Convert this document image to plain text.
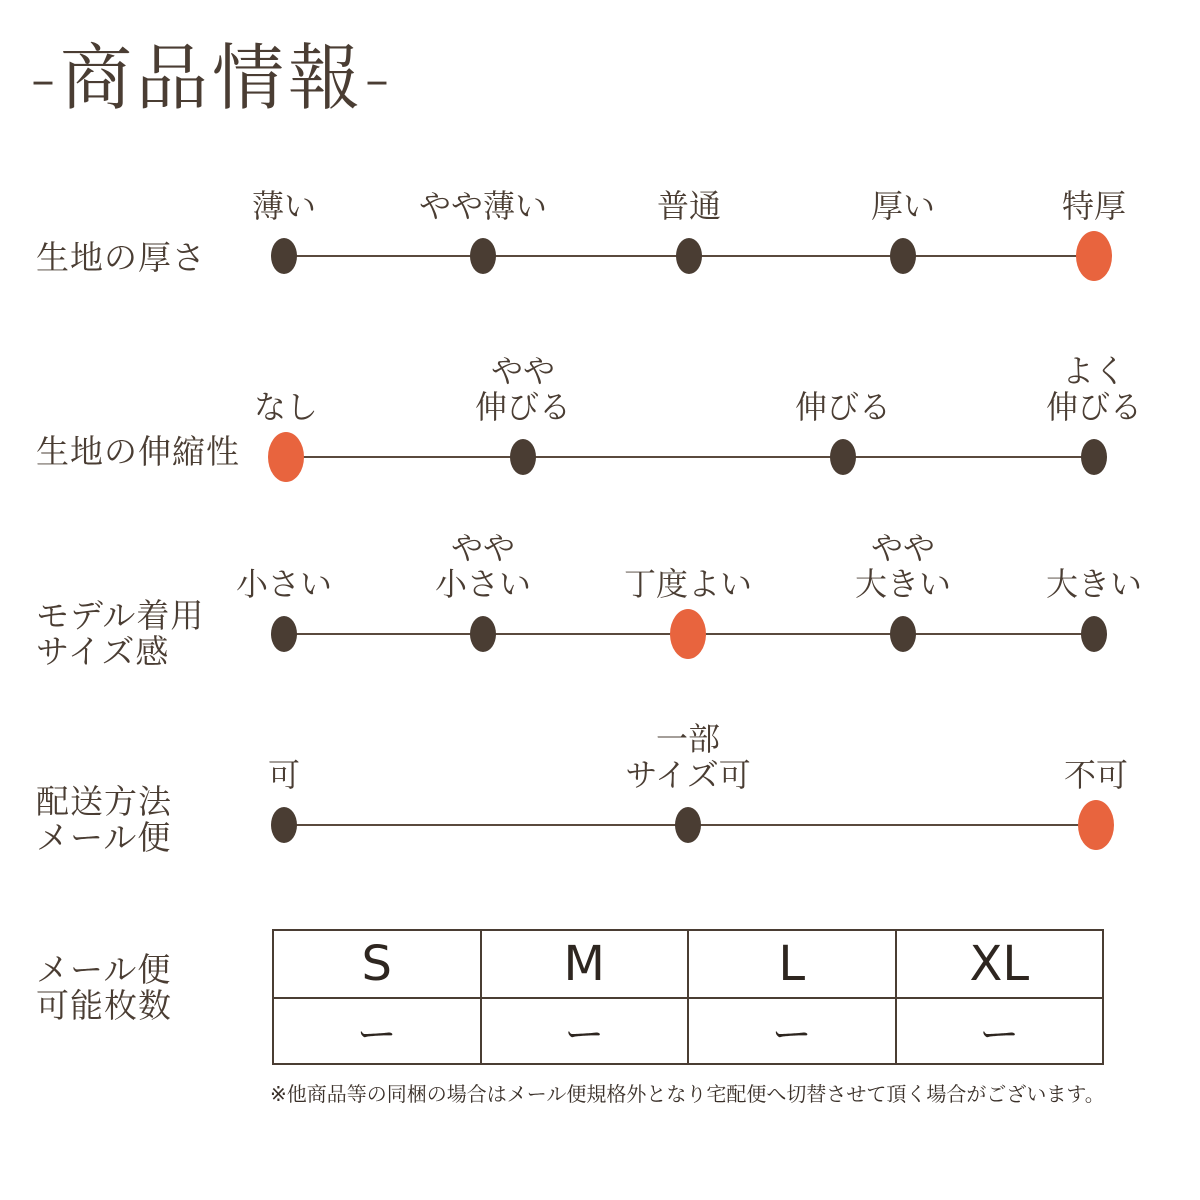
-商品情報-
生地の厚さ
薄い	やや薄い	普通	厚い	特厚
生地の伸縮性
なし
やや
伸びる	伸びる
よく
伸びる
モデル着用
サイズ感
小さい
やや
小さい	丁度よい
やや
大きい	大きい
配送方法
メール便
可
一部
サイズ可	不可
メール便
可能枚数
S	M	L	XL
ー	ー	ー	ー
※他商品等の同梱の場合はメール便規格外となり宅配便へ切替させて頂く場合がございます。
